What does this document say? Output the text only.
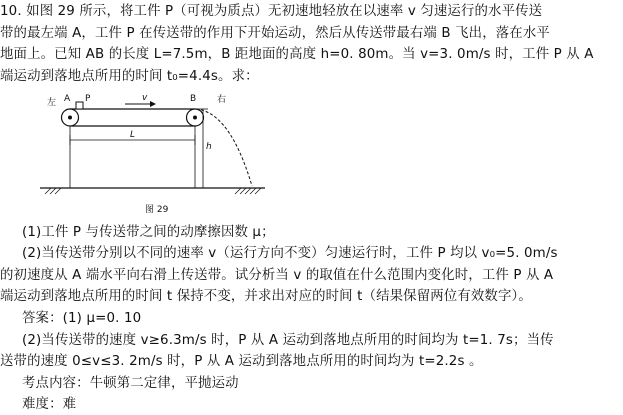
10. 如图 29 所示，将工件 P（可视为质点）无初速地轻放在以速率 v 匀速运行的水平传送
带的最左端 A，工件 P 在传送带的作用下开始运动，然后从传送带最右端 B 飞出，落在水平
地面上。已知 AB 的长度 L=7.5m，B 距地面的高度 h=0. 80m。当 v=3. 0m/s 时，工件 P 从 A
端运动到落地点所用的时间 t₀=4.4s。求：
左	P	v
A	B 右
L
h
图 29
(1)工件 P 与传送带之间的动摩擦因数 μ；
(2)当传送带分别以不同的速率 v（运行方向不变）匀速运行时，工件 P 均以 v₀=5. 0m/s
的初速度从 A 端水平向右滑上传送带。试分析当 v 的取值在什么范围内变化时，工件 P 从 A
端运动到落地点所用的时间 t 保持不变，并求出对应的时间 t（结果保留两位有效数字）。
答案：(1) μ=0. 10
(2)当传送带的速度 v≥6.3m/s 时，P 从 A 运动到落地点所用的时间均为 t=1. 7s；当传
送带的速度 0≤v≤3. 2m/s 时，P 从 A 运动到落地点所用的时间均为 t=2.2s 。
考点内容：牛顿第二定律，平抛运动
难度：难
